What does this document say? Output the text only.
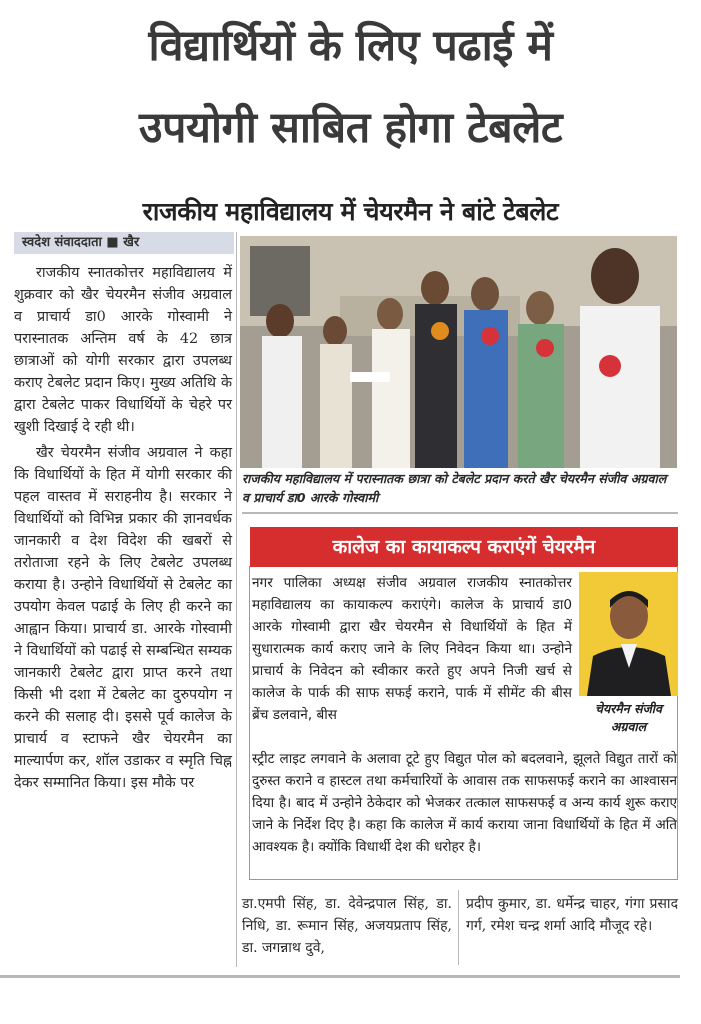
विद्यार्थियों के लिए पढाई में
उपयोगी साबित होगा टेबलेट
राजकीय महाविद्यालय में चेयरमैन ने बांटे टेबलेट
स्वदेश संवाददाता ■ खैर

राजकीय स्नातकोत्तर महाविद्यालय में शुक्रवार को खैर चेयरमैन संजीव अग्रवाल व प्राचार्य डा0 आरके गोस्वामी ने परास्नातक अन्तिम वर्ष के 42 छात्र छात्राओं को योगी सरकार द्वारा उपलब्ध कराए टेबलेट प्रदान किए। मुख्य अतिथि के द्वारा टेबलेट पाकर विधार्थियों के चेहरे पर खुशी दिखाई दे रही थी।

खैर चेयरमैन संजीव अग्रवाल ने कहा कि विधार्थियों के हित में योगी सरकार की पहल वास्तव में सराहनीय है। सरकार ने विधार्थियों को विभिन्न प्रकार की ज्ञानवर्धक जानकारी व देश विदेश की खबरों से तरोताजा रहने के लिए टेबलेट उपलब्ध कराया है। उन्होने विधार्थियों से टेबलेट का उपयोग केवल पढाई के लिए ही करने का आह्वान किया। प्राचार्य डा. आरके गोस्वामी ने विधार्थियों को पढाई से सम्बन्धित सम्यक जानकारी टेबलेट द्वारा प्राप्त करने तथा किसी भी दशा में टेबलेट का दुरुपयोग न करने की सलाह दी। इससे पूर्व कालेज के प्राचार्य व स्टाफने खैर चेयरमैन का माल्यार्पण कर, शॉल उडाकर व स्मृति चिह्न देकर सम्मानित किया। इस मौके पर

राजकीय महाविद्यालय में परास्नातक छात्रा को टेबलेट प्रदान करते खैर चेयरमैन संजीव अग्रवाल व प्राचार्य डा0 आरके गोस्वामी
कालेज का कायाकल्प कराएंगें चेयरमैन
नगर पालिका अध्यक्ष संजीव अग्रवाल राजकीय स्नातकोत्तर महाविद्यालय का कायाकल्प कराएंगे। कालेज के प्राचार्य डा0 आरके गोस्वामी द्वारा खैर चेयरमैन से विधार्थियों के हित में सुधारात्मक कार्य कराए जाने के लिए निवेदन किया था। उन्होने प्राचार्य के निवेदन को स्वीकार करते हुए अपने निजी खर्च से कालेज के पार्क की साफ सफई कराने, पार्क में सीमेंट की बीस ब्रेंच डलवाने, बीस	चेयरमैन संजीव अग्रवाल
स्ट्रीट लाइट लगवाने के अलावा टूटे हुए विद्युत पोल को बदलवाने, झूलते विद्युत तारों को दुरुस्त कराने व हास्टल तथा कर्मचारियों के आवास तक साफसफई कराने का आश्वासन दिया है। बाद में उन्होने ठेकेदार को भेजकर तत्काल साफसफई व अन्य कार्य शुरू कराए जाने के निर्देश दिए है। कहा कि कालेज में कार्य कराया जाना विधार्थियों के हित में अति आवश्यक है। क्योंकि विधार्थी देश की धरोहर है।
डा.एमपी सिंह, डा. देवेन्द्रपाल सिंह, डा. निधि, डा. रूमान सिंह, अजयप्रताप सिंह, डा. जगन्नाथ दुवे,
प्रदीप कुमार, डा. धर्मेन्द्र चाहर, गंगा प्रसाद गर्ग, रमेश चन्द्र शर्मा आदि मौजूद रहे।
